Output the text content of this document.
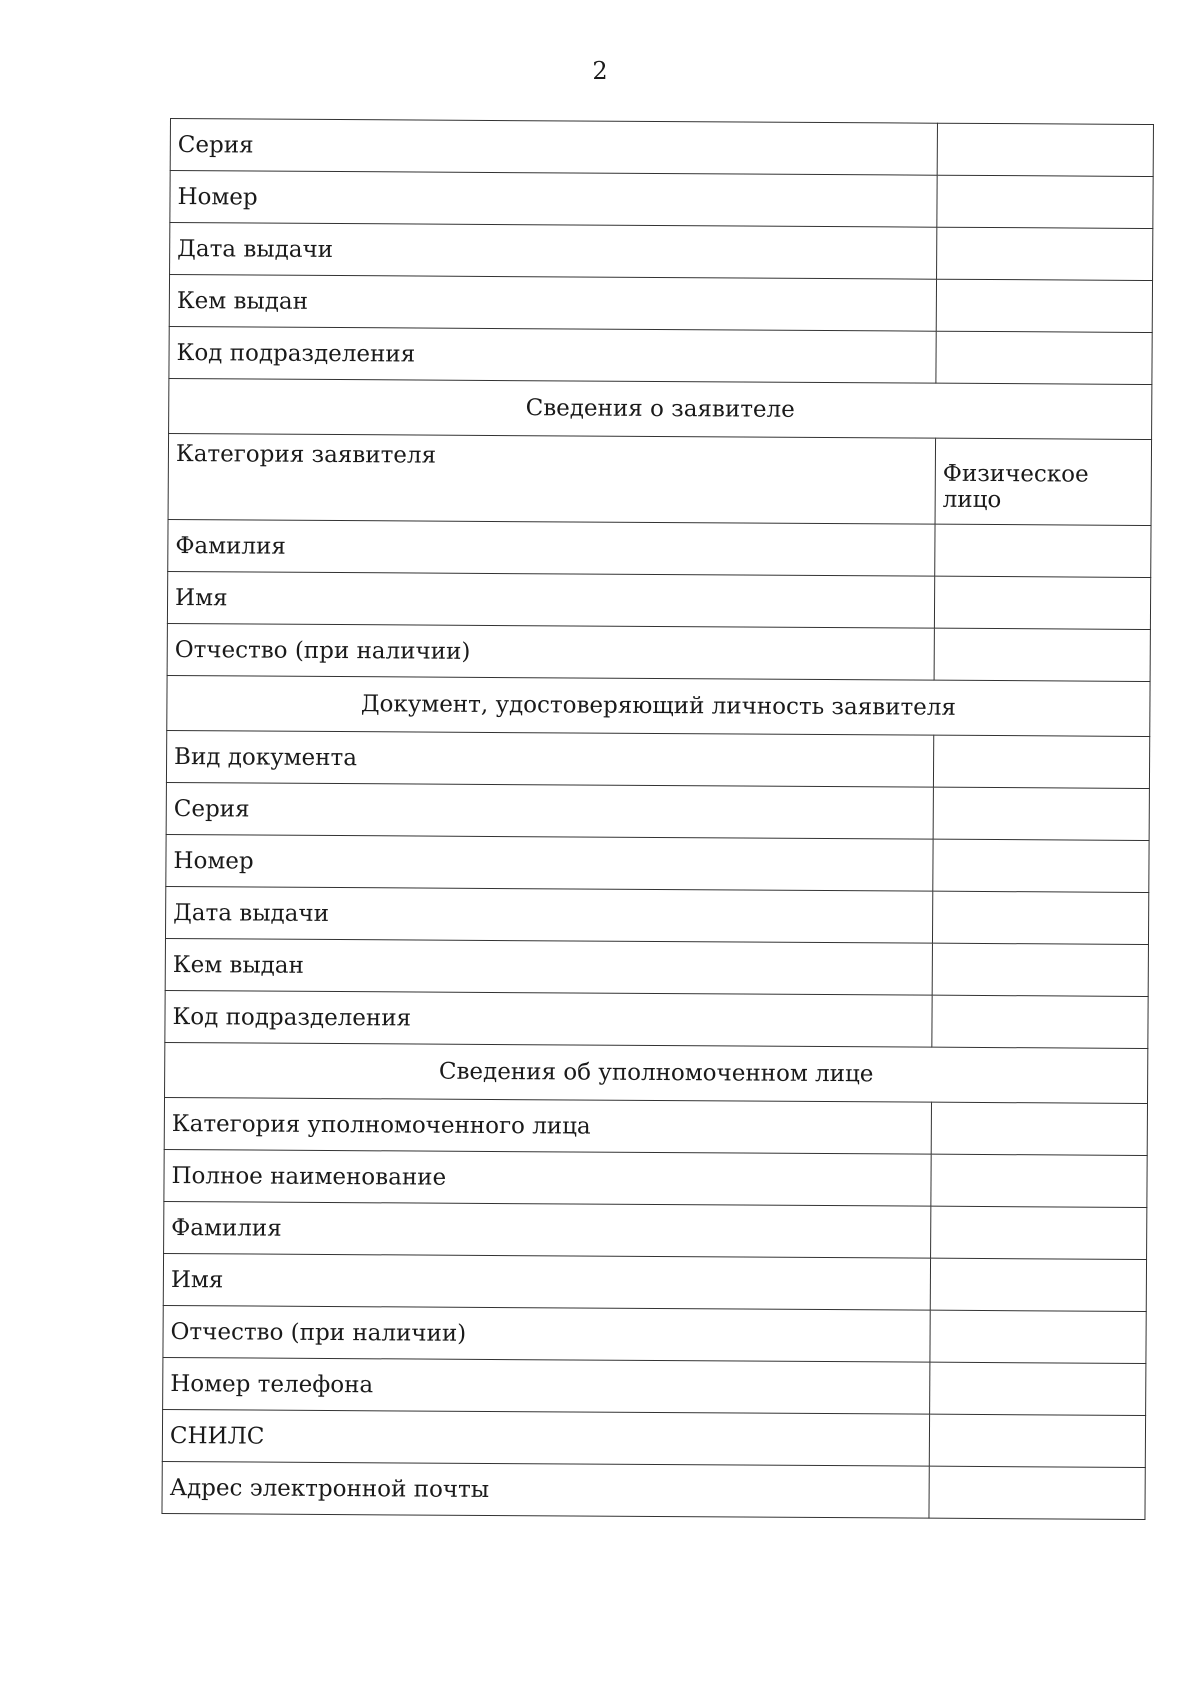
2
Серия	
Номер	
Дата выдачи	
Кем выдан	
Код подразделения	
Сведения о заявителе	
Категория заявителя	Физическое лицо
Фамилия	
Имя	
Отчество (при наличии)	
Документ, удостоверяющий личность заявителя	
Вид документа	
Серия	
Номер	
Дата выдачи	
Кем выдан	
Код подразделения	
Сведения об уполномоченном лице	
Категория уполномоченного лица	
Полное наименование	
Фамилия	
Имя	
Отчество (при наличии)	
Номер телефона	
СНИЛС	
Адрес электронной почты	
